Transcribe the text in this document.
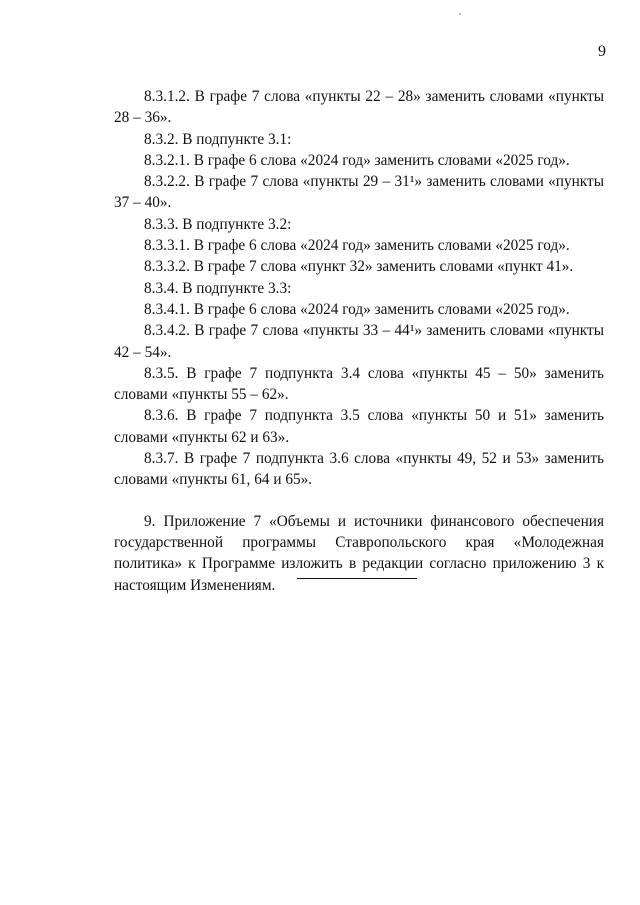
9

8.3.1.2. В графе 7 слова «пункты 22 – 28» заменить словами «пункты 28 – 36».

8.3.2. В подпункте 3.1:

8.3.2.1. В графе 6 слова «2024 год» заменить словами «2025 год».

8.3.2.2. В графе 7 слова «пункты 29 – 31¹» заменить словами «пункты 37 – 40».

8.3.3. В подпункте 3.2:

8.3.3.1. В графе 6 слова «2024 год» заменить словами «2025 год».

8.3.3.2. В графе 7 слова «пункт 32» заменить словами «пункт 41».

8.3.4. В подпункте 3.3:

8.3.4.1. В графе 6 слова «2024 год» заменить словами «2025 год».

8.3.4.2. В графе 7 слова «пункты 33 – 44¹» заменить словами «пункты 42 – 54».

8.3.5. В графе 7 подпункта 3.4 слова «пункты 45 – 50» заменить словами «пункты 55 – 62».

8.3.6. В графе 7 подпункта 3.5 слова «пункты 50 и 51» заменить словами «пункты 62 и 63».

8.3.7. В графе 7 подпункта 3.6 слова «пункты 49, 52 и 53» заменить словами «пункты 61, 64 и 65».

9. Приложение 7 «Объемы и источники финансового обеспечения государственной программы Ставропольского края «Молодежная политика» к Программе изложить в редакции согласно приложению 3 к настоящим Изменениям.
